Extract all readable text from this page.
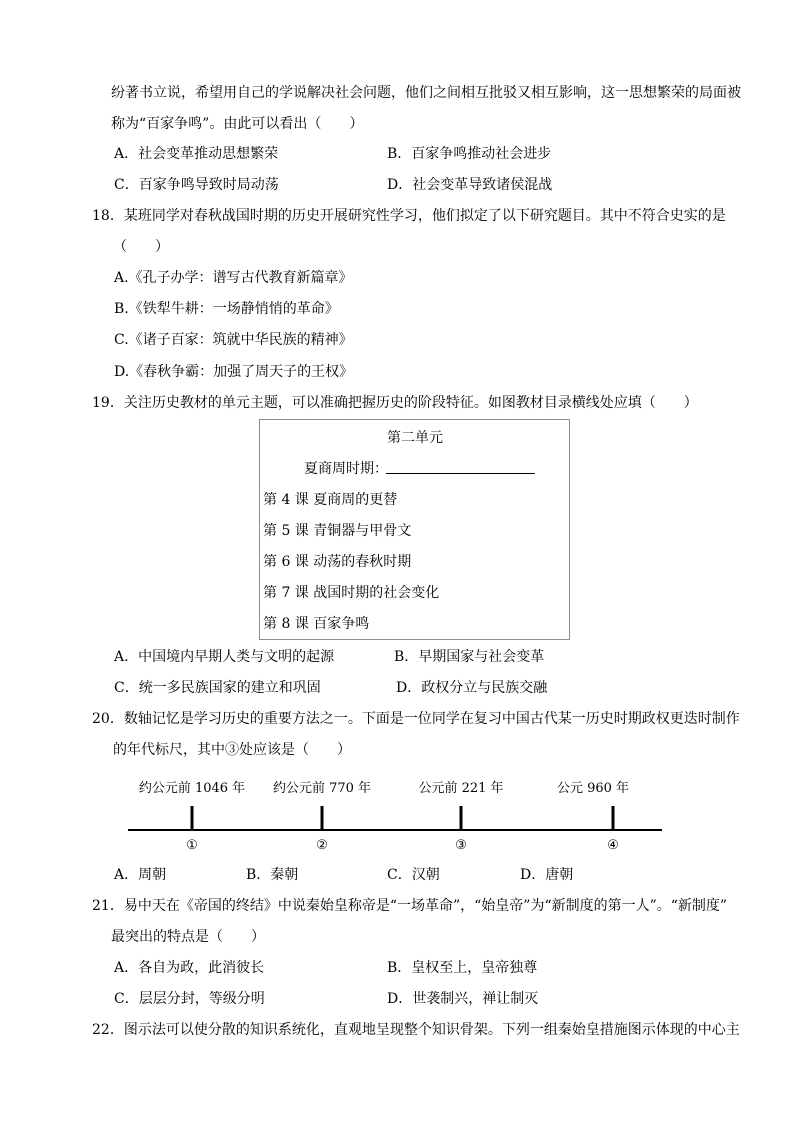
纷著书立说，希望用自己的学说解决社会问题，他们之间相互批驳又相互影响，这一思想繁荣的局面被
称为“百家争鸣”。由此可以看出（　　）
A．社会变革推动思想繁荣	B．百家争鸣推动社会进步
C．百家争鸣导致时局动荡	D．社会变革导致诸侯混战
18．某班同学对春秋战国时期的历史开展研究性学习，他们拟定了以下研究题目。其中不符合史实的是
（　　）
A.《孔子办学：谱写古代教育新篇章》
B.《铁犁牛耕：一场静悄悄的革命》
C.《诸子百家：筑就中华民族的精神》
D.《春秋争霸：加强了周天子的王权》
19．关注历史教材的单元主题，可以准确把握历史的阶段特征。如图教材目录横线处应填（　　）
第二单元
夏商周时期：
第 4 课 夏商周的更替
第 5 课 青铜器与甲骨文
第 6 课 动荡的春秋时期
第 7 课 战国时期的社会变化
第 8 课 百家争鸣
A．中国境内早期人类与文明的起源	B．早期国家与社会变革
C．统一多民族国家的建立和巩固	D．政权分立与民族交融
20．数轴记忆是学习历史的重要方法之一。下面是一位同学在复习中国古代某一历史时期政权更迭时制作
的年代标尺，其中③处应该是（　　）
约公元前 1046 年 约公元前 770 年	公元前 221 年	公元 960 年
①	②	③	④
A．周朝	B．秦朝	C．汉朝	D．唐朝
21．易中天在《帝国的终结》中说秦始皇称帝是“一场革命”，“始皇帝”为“新制度的第一人”。“新制度”
最突出的特点是（　　）
A．各自为政，此消彼长	B．皇权至上，皇帝独尊
C．层层分封，等级分明	D．世袭制兴，禅让制灭
22．图示法可以使分散的知识系统化，直观地呈现整个知识骨架。下列一组秦始皇措施图示体现的中心主
